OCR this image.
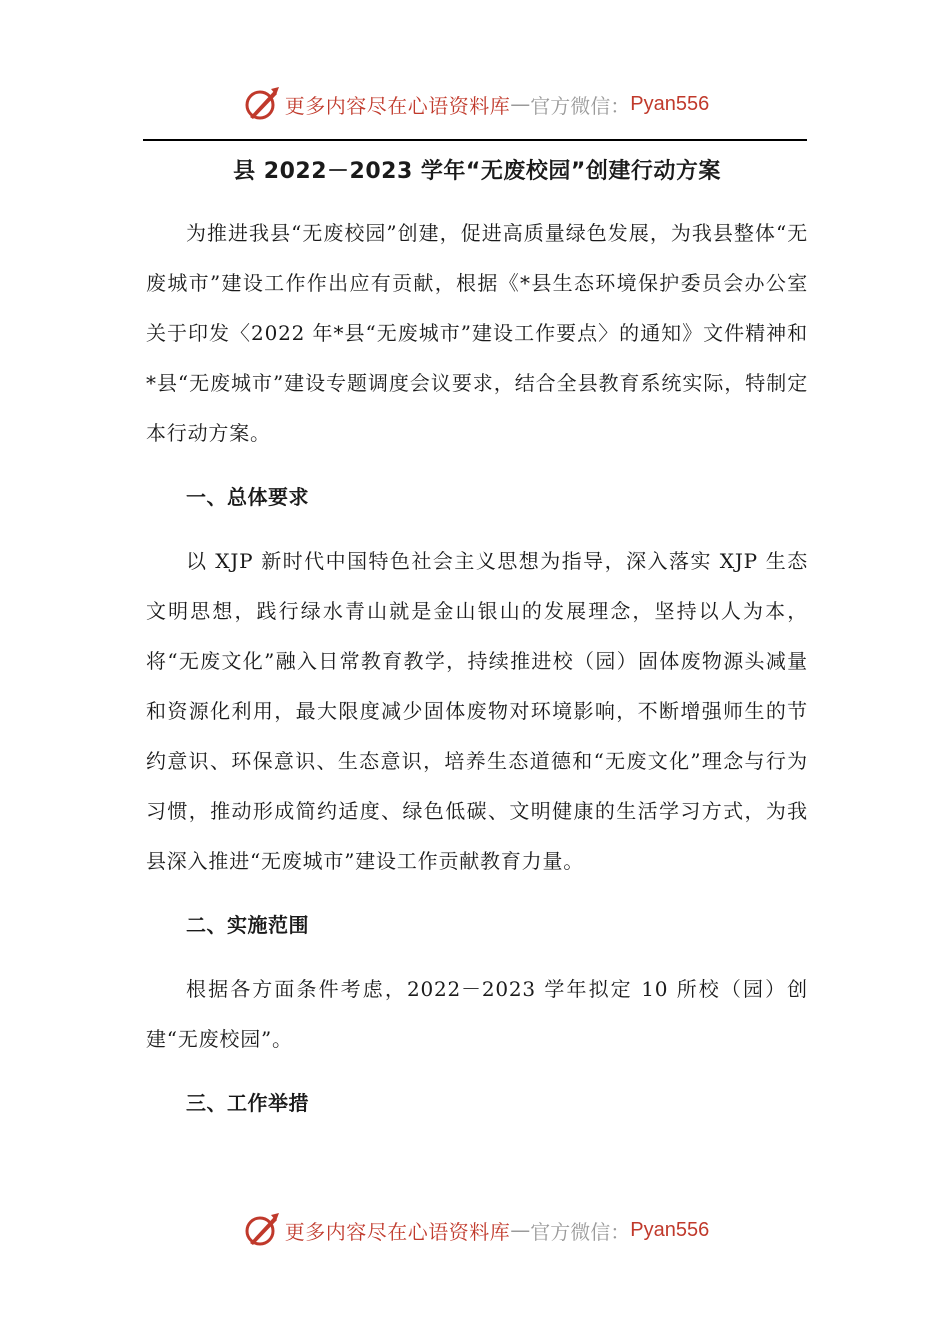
更多内容尽在心语资料库 — 官方微信： Pyan556
县 2022－2023 学年“无废校园”创建行动方案

为推进我县“无废校园”创建，促进高质量绿色发展，为我县整体“无废城市”建设工作作出应有贡献，根据《*县生态环境保护委员会办公室关于印发〈2022 年*县“无废城市”建设工作要点〉的通知》文件精神和*县“无废城市”建设专题调度会议要求，结合全县教育系统实际，特制定本行动方案。

一、总体要求

以 XJP 新时代中国特色社会主义思想为指导，深入落实 XJP 生态文明思想，践行绿水青山就是金山银山的发展理念，坚持以人为本，将“无废文化”融入日常教育教学，持续推进校（园）固体废物源头减量和资源化利用，最大限度减少固体废物对环境影响，不断增强师生的节约意识、环保意识、生态意识，培养生态道德和“无废文化”理念与行为习惯，推动形成简约适度、绿色低碳、文明健康的生活学习方式，为我县深入推进“无废城市”建设工作贡献教育力量。

二、实施范围

根据各方面条件考虑，2022－2023 学年拟定 10 所校（园）创建“无废校园”。

三、工作举措
更多内容尽在心语资料库 — 官方微信： Pyan556
